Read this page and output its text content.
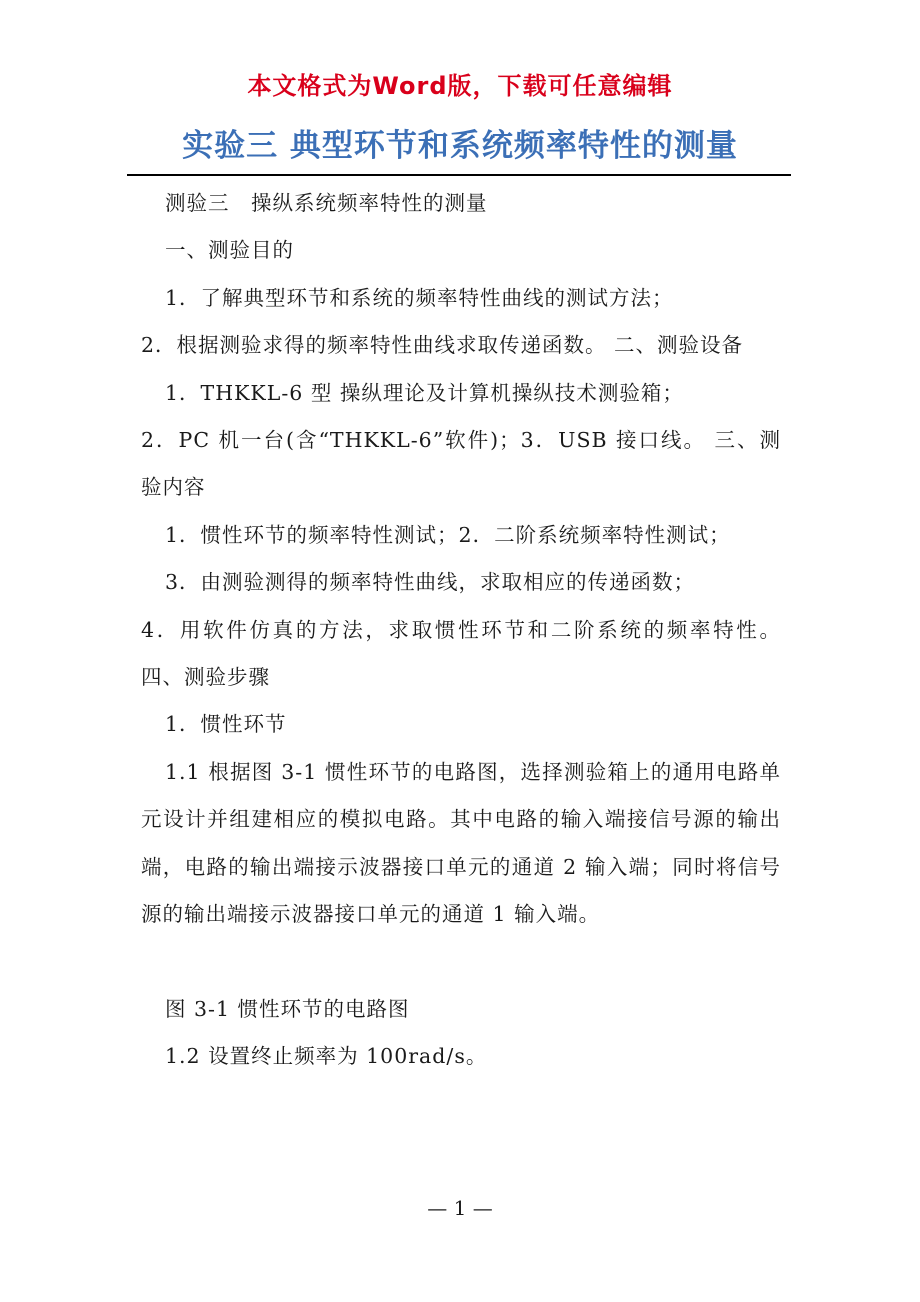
本文格式为Word版，下载可任意编辑
实验三 典型环节和系统频率特性的测量

测验三　操纵系统频率特性的测量

一、测验目的

1．了解典型环节和系统的频率特性曲线的测试方法；

2．根据测验求得的频率特性曲线求取传递函数。 二、测验设备

1．THKKL-6 型 操纵理论及计算机操纵技术测验箱；

2．PC 机一台(含“THKKL-6”软件)；3．USB 接口线。 三、测验内容

1．惯性环节的频率特性测试；2．二阶系统频率特性测试；

3．由测验测得的频率特性曲线，求取相应的传递函数；

4．用软件仿真的方法，求取惯性环节和二阶系统的频率特性。 四、测验步骤

1．惯性环节

1.1 根据图 3-1 惯性环节的电路图，选择测验箱上的通用电路单元设计并组建相应的模拟电路。其中电路的输入端接信号源的输出端，电路的输出端接示波器接口单元的通道 2 输入端；同时将信号源的输出端接示波器接口单元的通道 1 输入端。

图 3-1 惯性环节的电路图

1.2 设置终止频率为 100rad/s。

— 1 —
